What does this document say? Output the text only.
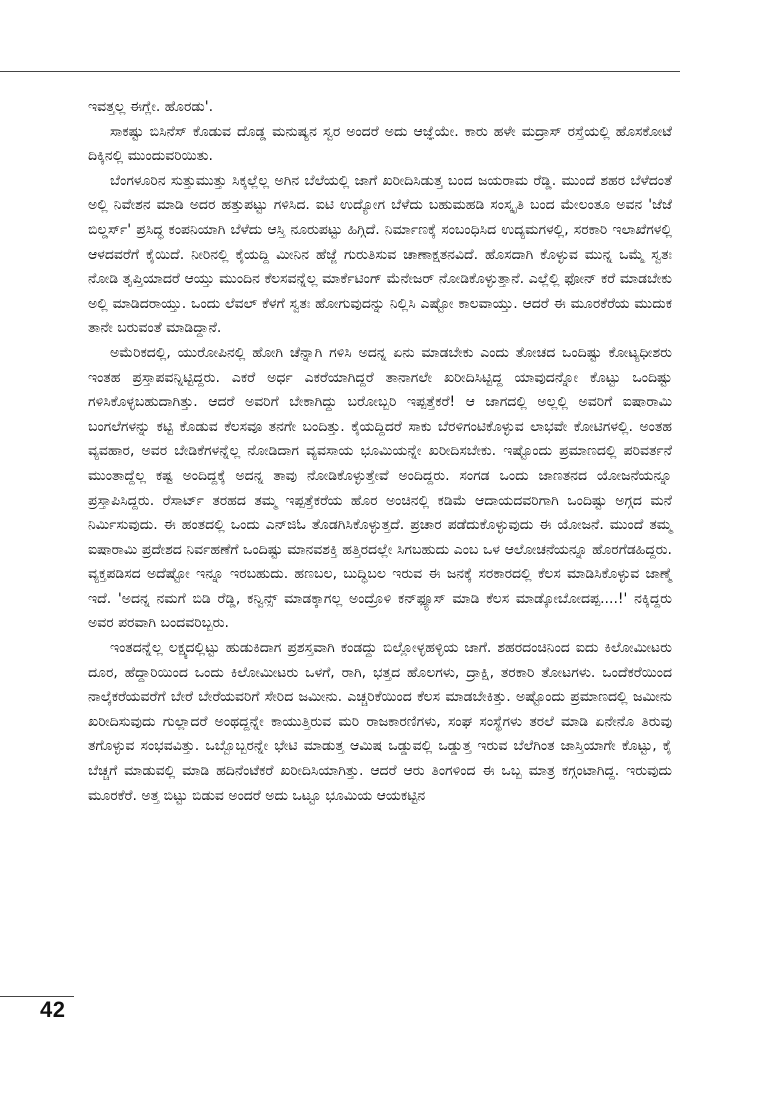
ಇವತ್ತಲ್ಲ ಈಗ್ಲೇ. ಹೊರಡು'.

ಸಾಕಷ್ಟು ಬಿಸಿನೆಸ್ ಕೊಡುವ ದೊಡ್ಡ ಮನುಷ್ಯನ ಸ್ವರ ಅಂದರೆ ಅದು ಆಜ್ಞೆಯೇ. ಕಾರು ಹಳೇ ಮದ್ರಾಸ್ ರಸ್ತೆಯಲ್ಲಿ ಹೊಸಕೋಟೆ ದಿಕ್ಕಿನಲ್ಲಿ ಮುಂದುವರಿಯಿತು.

ಬೆಂಗಳೂರಿನ ಸುತ್ತುಮುತ್ತು ಸಿಕ್ಕಲ್ಲೆಲ್ಲ ಅಗಿನ ಬೆಲೆಯಲ್ಲಿ ಜಾಗೆ ಖರೀದಿಸಿಡುತ್ತ ಬಂದ ಜಯರಾಮ ರೆಡ್ಡಿ. ಮುಂದೆ ಶಹರ ಬೆಳೆದಂತೆ ಅಲ್ಲಿ ನಿವೇಶನ ಮಾಡಿ ಅದರ ಹತ್ತುಪಟ್ಟು ಗಳಿಸಿದ. ಐಟಿ ಉದ್ಯೋಗ ಬೆಳೆದು ಬಹುಮಹಡಿ ಸಂಸ್ಕೃತಿ ಬಂದ ಮೇಲಂತೂ ಅವನ 'ಜೆಜೆ ಬಿಲ್ಡರ್ಸ್' ಪ್ರಸಿದ್ಧ ಕಂಪನಿಯಾಗಿ ಬೆಳೆದು ಆಸ್ತಿ ನೂರುಪಟ್ಟು ಹಿಗ್ಗಿದೆ. ನಿರ್ಮಾಣಕ್ಕೆ ಸಂಬಂಧಿಸಿದ ಉದ್ಯಮಗಳಲ್ಲಿ, ಸರಕಾರಿ ಇಲಾಖೆಗಳಲ್ಲಿ ಆಳದವರೆಗೆ ಕೈಯಿದೆ. ನೀರಿನಲ್ಲಿ ಕೈಯದ್ದಿ ಮೀನಿನ ಹೆಜ್ಜೆ ಗುರುತಿಸುವ ಚಾಣಾಕ್ಷತನವಿದೆ. ಹೊಸದಾಗಿ ಕೊಳ್ಳುವ ಮುನ್ನ ಒಮ್ಮೆ ಸ್ವತಃ ನೋಡಿ ತೃಪ್ತಿಯಾದರೆ ಆಯ್ತು ಮುಂದಿನ ಕೆಲಸವನ್ನೆಲ್ಲ ಮಾರ್ಕೆಟಿಂಗ್ ಮೆನೇಜರ್ ನೋಡಿಕೊಳ್ಳುತ್ತಾನೆ. ಎಲ್ಲೆಲ್ಲಿ ಫೋನ್ ಕರೆ ಮಾಡಬೇಕು ಅಲ್ಲಿ ಮಾಡಿದರಾಯ್ತು. ಒಂದು ಲೆವಲ್ ಕೆಳಗೆ ಸ್ವತಃ ಹೋಗುವುದನ್ನು ನಿಲ್ಲಿಸಿ ಎಷ್ಟೋ ಕಾಲವಾಯ್ತು. ಆದರೆ ಈ ಮೂರಕೆರೆಯ ಮುದುಕ ತಾನೇ ಬರುವಂತೆ ಮಾಡಿದ್ದಾನೆ.

ಅಮೆರಿಕದಲ್ಲಿ, ಯುರೋಪಿನಲ್ಲಿ ಹೋಗಿ ಚೆನ್ನಾಗಿ ಗಳಿಸಿ ಅದನ್ನ ಏನು ಮಾಡಬೇಕು ಎಂದು ತೋಚದ ಒಂದಿಷ್ಟು ಕೋಟ್ಯಧೀಶರು ಇಂತಹ ಪ್ರಸ್ತಾಪವನ್ನಿಟ್ಟಿದ್ದರು. ಎಕರೆ ಅರ್ಧ ಎಕರೆಯಾಗಿದ್ದರೆ ತಾನಾಗಲೇ ಖರೀದಿಸಿಟ್ಟಿದ್ದ ಯಾವುದನ್ನೋ ಕೊಟ್ಟು ಒಂದಿಷ್ಟು ಗಳಿಸಿಕೊಳ್ಳಬಹುದಾಗಿತ್ತು. ಆದರೆ ಅವರಿಗೆ ಬೇಕಾಗಿದ್ದು ಬರೋಬ್ಬರಿ ಇಪ್ಪತ್ತೆಕರೆ! ಆ ಜಾಗದಲ್ಲಿ ಅಲ್ಲಲ್ಲಿ ಅವರಿಗೆ ಐಷಾರಾಮಿ ಬಂಗಲೆಗಳನ್ನು ಕಟ್ಟಿ ಕೊಡುವ ಕೆಲಸವೂ ತನಗೇ ಬಂದಿತ್ತು. ಕೈಯದ್ದಿದರೆ ಸಾಕು ಬೆರಳಿಗಂಟಿಕೊಳ್ಳುವ ಲಾಭವೇ ಕೋಟಿಗಳಲ್ಲಿ. ಅಂತಹ ವ್ಯವಹಾರ, ಅವರ ಬೇಡಿಕೆಗಳನ್ನೆಲ್ಲ ನೋಡಿದಾಗ ವ್ಯವಸಾಯ ಭೂಮಿಯನ್ನೇ ಖರೀದಿಸಬೇಕು. ಇಷ್ಟೊಂದು ಪ್ರಮಾಣದಲ್ಲಿ ಪರಿವರ್ತನೆ ಮುಂತಾದ್ದೆಲ್ಲ ಕಷ್ಟ ಅಂದಿದ್ದಕ್ಕೆ ಅದನ್ನ ತಾವು ನೋಡಿಕೊಳ್ಳುತ್ತೇವೆ ಅಂದಿದ್ದರು. ಸಂಗಡ ಒಂದು ಜಾಣತನದ ಯೋಜನೆಯನ್ನೂ ಪ್ರಸ್ತಾಪಿಸಿದ್ದರು. ರೆಸಾರ್ಟ್ ತರಹದ ತಮ್ಮ ಇಪ್ಪತ್ತೆಕರೆಯ ಹೊರ ಅಂಚಿನಲ್ಲಿ ಕಡಿಮೆ ಆದಾಯದವರಿಗಾಗಿ ಒಂದಿಷ್ಟು ಅಗ್ಗದ ಮನೆ ನಿರ್ಮಿಸುವುದು. ಈ ಹಂತದಲ್ಲಿ ಒಂದು ಎನ್‌ಜಿಓ ತೊಡಗಿಸಿಕೊಳ್ಳುತ್ತದೆ. ಪ್ರಚಾರ ಪಡೆದುಕೊಳ್ಳುವುದು ಈ ಯೋಜನೆ. ಮುಂದೆ ತಮ್ಮ ಐಷಾರಾಮಿ ಪ್ರದೇಶದ ನಿರ್ವಹಣೆಗೆ ಒಂದಿಷ್ಟು ಮಾನವಶಕ್ತಿ ಹತ್ತಿರದಲ್ಲೇ ಸಿಗಬಹುದು ಎಂಬ ಒಳ ಆಲೋಚನೆಯನ್ನೂ ಹೊರಗೆಡಹಿದ್ದರು. ವ್ಯಕ್ತಪಡಿಸದ ಅದೆಷ್ಟೋ ಇನ್ನೂ ಇರಬಹುದು. ಹಣಬಲ, ಬುದ್ಧಿಬಲ ಇರುವ ಈ ಜನಕ್ಕೆ ಸರಕಾರದಲ್ಲಿ ಕೆಲಸ ಮಾಡಿಸಿಕೊಳ್ಳುವ ಜಾಣ್ಮೆ ಇದೆ. 'ಅದನ್ನ ನಮಗೆ ಬಿಡಿ ರೆಡ್ಡಿ, ಕನ್ವಿನ್ಸ್ ಮಾಡಕ್ಕಾಗಲ್ಲ ಅಂದ್ರೊಳಿ ಕನ್‌ಫ್ಯೂಸ್ ಮಾಡಿ ಕೆಲಸ ಮಾಡ್ಕೋಬೋದಪ್ಪ....!' ನಕ್ಕಿದ್ದರು ಅವರ ಪರವಾಗಿ ಬಂದವರಿಬ್ಬರು.

ಇಂತದನ್ನೆಲ್ಲ ಲಕ್ಷ್ಯದಲ್ಲಿಟ್ಟು ಹುಡುಕಿದಾಗ ಪ್ರಶಸ್ತವಾಗಿ ಕಂಡದ್ದು ಬಿಲ್ಲೋಳ್ಳಹಳ್ಳಿಯ ಜಾಗೆ. ಶಹರದಂಚಿನಿಂದ ಐದು ಕಿಲೋಮೀಟರು ದೂರ, ಹೆದ್ದಾರಿಯಿಂದ ಒಂದು ಕಿಲೋಮೀಟರು ಒಳಗೆ, ರಾಗಿ, ಭತ್ತದ ಹೊಲಗಳು, ದ್ರಾಕ್ಷಿ, ತರಕಾರಿ ತೋಟಗಳು. ಒಂದೆಕರೆಯಿಂದ ನಾಲ್ಕೆಕರೆಯವರೆಗೆ ಬೇರೆ ಬೇರೆಯವರಿಗೆ ಸೇರಿದ ಜಮೀನು. ಎಚ್ಚರಿಕೆಯಿಂದ ಕೆಲಸ ಮಾಡಬೇಕಿತ್ತು. ಅಷ್ಟೊಂದು ಪ್ರಮಾಣದಲ್ಲಿ ಜಮೀನು ಖರೀದಿಸುವುದು ಗುಲ್ಲಾದರೆ ಅಂಥದ್ದನ್ನೇ ಕಾಯುತ್ತಿರುವ ಮರಿ ರಾಜಕಾರಣಿಗಳು, ಸಂಘ ಸಂಸ್ಥೆಗಳು ತರಲೆ ಮಾಡಿ ಏನೇನೊ ತಿರುವು ತಗೊಳ್ಳುವ ಸಂಭವವಿತ್ತು. ಒಬ್ಬೊಬ್ಬರನ್ನೇ ಭೇಟಿ ಮಾಡುತ್ತ ಆಮಿಷ ಒಡ್ಡುವಲ್ಲಿ ಒಡ್ಡುತ್ತ ಇರುವ ಬೆಲೆಗಿಂತ ಜಾಸ್ತಿಯಾಗೇ ಕೊಟ್ಟು, ಕೈ ಬೆಚ್ಚಗೆ ಮಾಡುವಲ್ಲಿ ಮಾಡಿ ಹದಿನೆಂಟೆಕರೆ ಖರೀದಿಸಿಯಾಗಿತ್ತು. ಆದರೆ ಆರು ತಿಂಗಳಿಂದ ಈ ಒಬ್ಬ ಮಾತ್ರ ಕಗ್ಗಂಟಾಗಿದ್ದ. ಇರುವುದು ಮೂರಕೆರೆ. ಅತ್ತ ಬಿಟ್ಟು ಬಿಡುವ ಅಂದರೆ ಅದು ಒಟ್ಟೂ ಭೂಮಿಯ ಆಯಕಟ್ಟಿನ

42
